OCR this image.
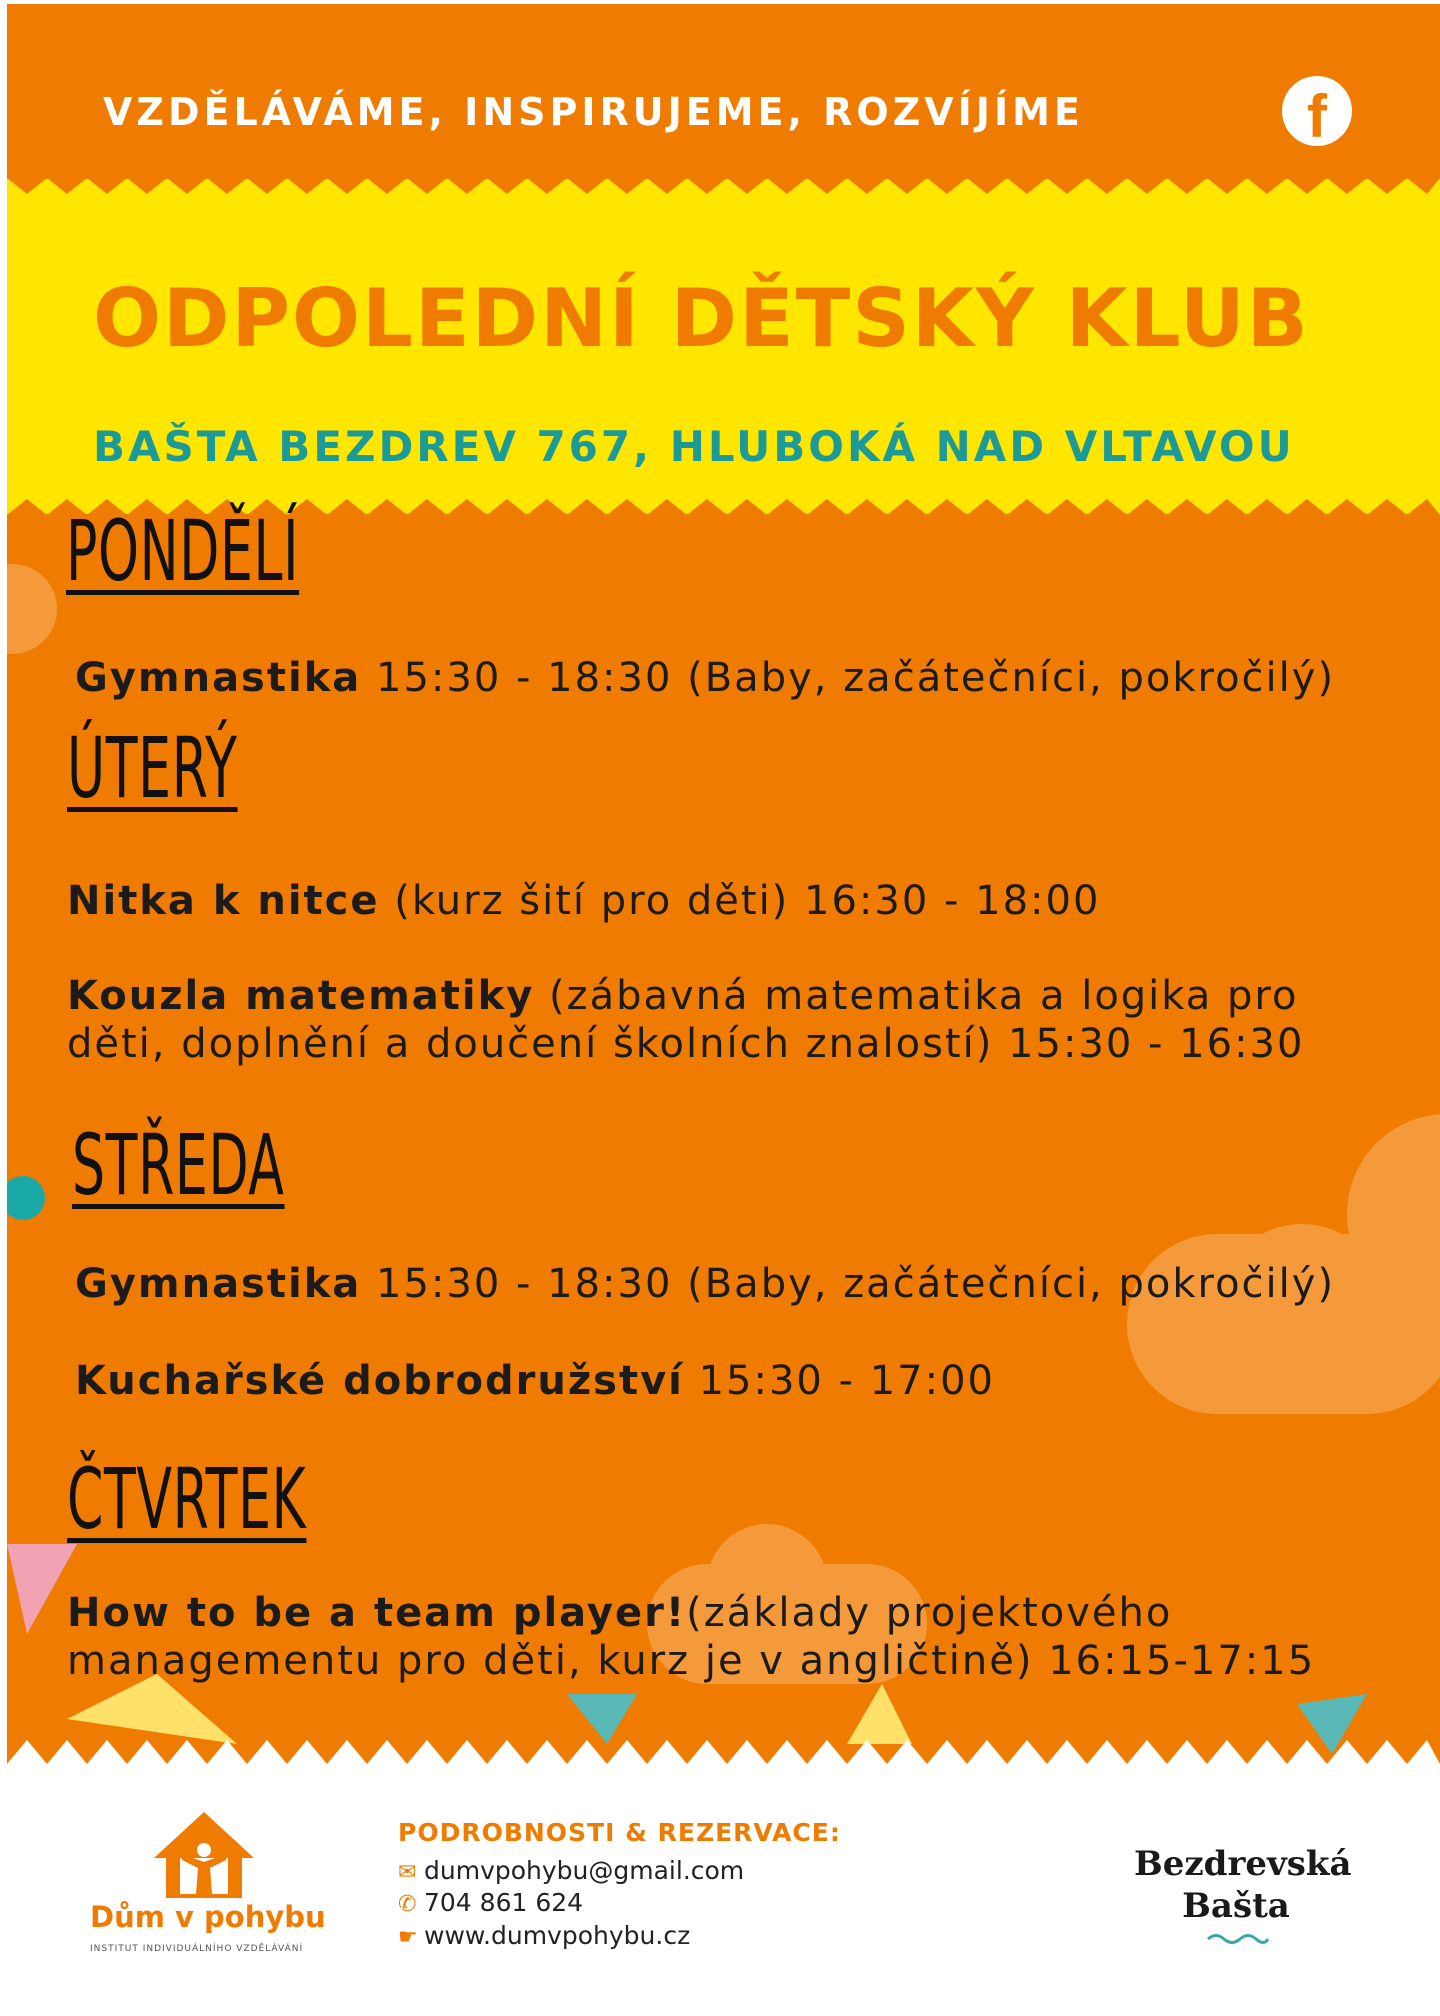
VZDĚLÁVÁME, INSPIRUJEME, ROZVÍJÍME	f
ODPOLEDNÍ DĚTSKÝ KLUB
BAŠTA BEZDREV 767, HLUBOKÁ NAD VLTAVOU
PONDĚLÍ
Gymnastika 15:30 - 18:30 (Baby, začátečníci, pokročilý)
ÚTERÝ
Nitka k nitce (kurz šití pro děti) 16:30 - 18:00
Kouzla matematiky (zábavná matematika a logika pro
děti, doplnění a doučení školních znalostí) 15:30 - 16:30
STŘEDA
Gymnastika 15:30 - 18:30 (Baby, začátečníci, pokročilý)
Kuchařské dobrodružství 15:30 - 17:00
ČTVRTEK
How to be a team player!(základy projektového
managementu pro děti, kurz je v angličtině) 16:15-17:15
Dům v pohybu
INSTITUT INDIVIDUÁLNÍHO VZDĚLÁVÁNÍ
PODROBNOSTI & REZERVACE:
✉ dumvpohybu@gmail.com
✆ 704 861 624
☛ www.dumvpohybu.cz
Bezdrevská
Bašta
